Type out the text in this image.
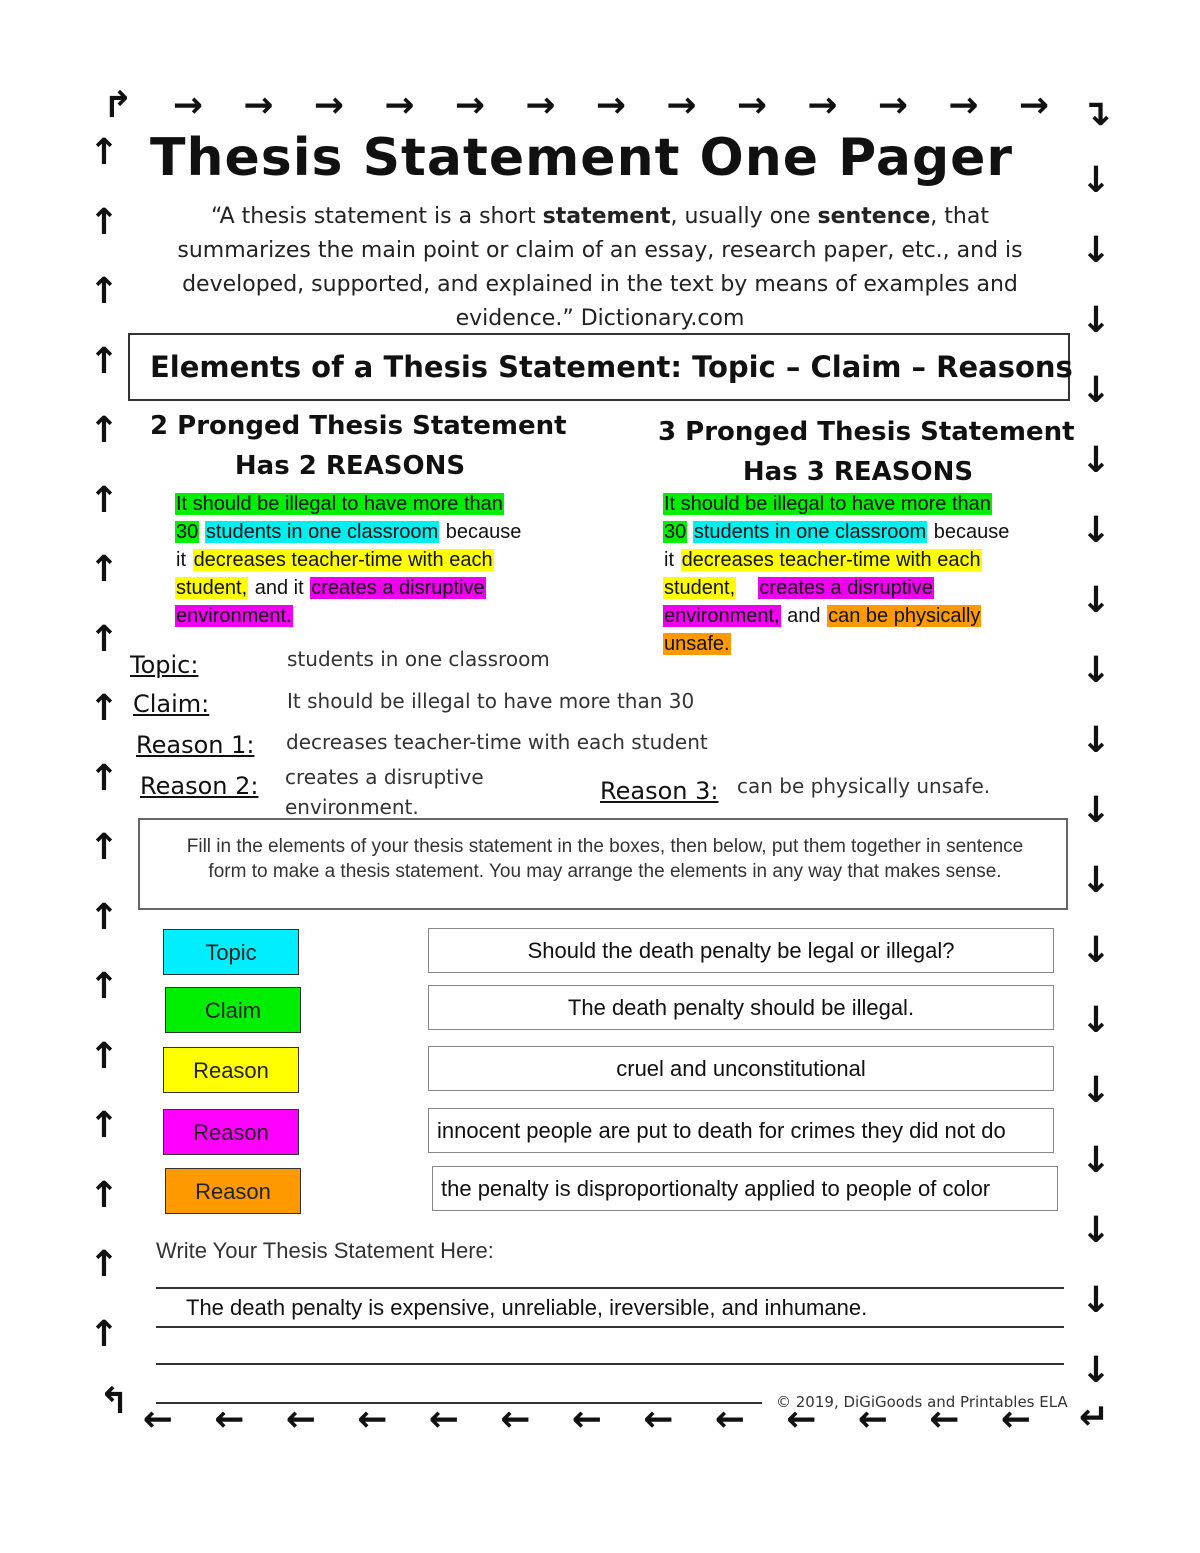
↱ → → → → → → → → → → → → → ↴
↓
↓
↓
↓
↓
↓
↓
↓
↓
↓
↓
↓
↓
↓
↓
↓
↓
↓
↵
← ← ← ← ← ← ← ← ← ← ← ← ←
↰
↑
↑
↑
↑
↑
↑
↑
↑
↑
↑
↑
↑
↑
↑
↑
↑
↑
↑
Thesis Statement One Pager
“A thesis statement is a short statement, usually one sentence, that summarizes the main point or claim of an essay, research paper, etc., and is developed, supported, and explained in the text by means of examples and evidence.” Dictionary.com
Elements of a Thesis Statement: Topic – Claim – Reasons
2 Pronged Thesis Statement
Has 2 REASONS
It should be illegal to have more than
30 students in one classroom because
it decreases teacher-time with each
student, and it creates a disruptive
environment.
3 Pronged Thesis Statement
Has 3 REASONS
It should be illegal to have more than
30 students in one classroom because
it decreases teacher-time with each
student, creates a disruptive
environment, and can be physically
unsafe.
Topic:	students in one classroom
Claim:	It should be illegal to have more than 30
Reason 1: decreases teacher-time with each student
Reason 2: creates a disruptive environment.
Reason 3: can be physically unsafe.
Fill in the elements of your thesis statement in the boxes, then below, put them together in sentence form to make a thesis statement. You may arrange the elements in any way that makes sense.
Topic	Should the death penalty be legal or illegal?
Claim	The death penalty should be illegal.
Reason	cruel and unconstitutional
Reason	innocent people are put to death for crimes they did not do
Reason	the penalty is disproportionalty applied to people of color
Write Your Thesis Statement Here:
The death penalty is expensive, unreliable, ireversible, and inhumane.
© 2019, DiGiGoods and Printables ELA
